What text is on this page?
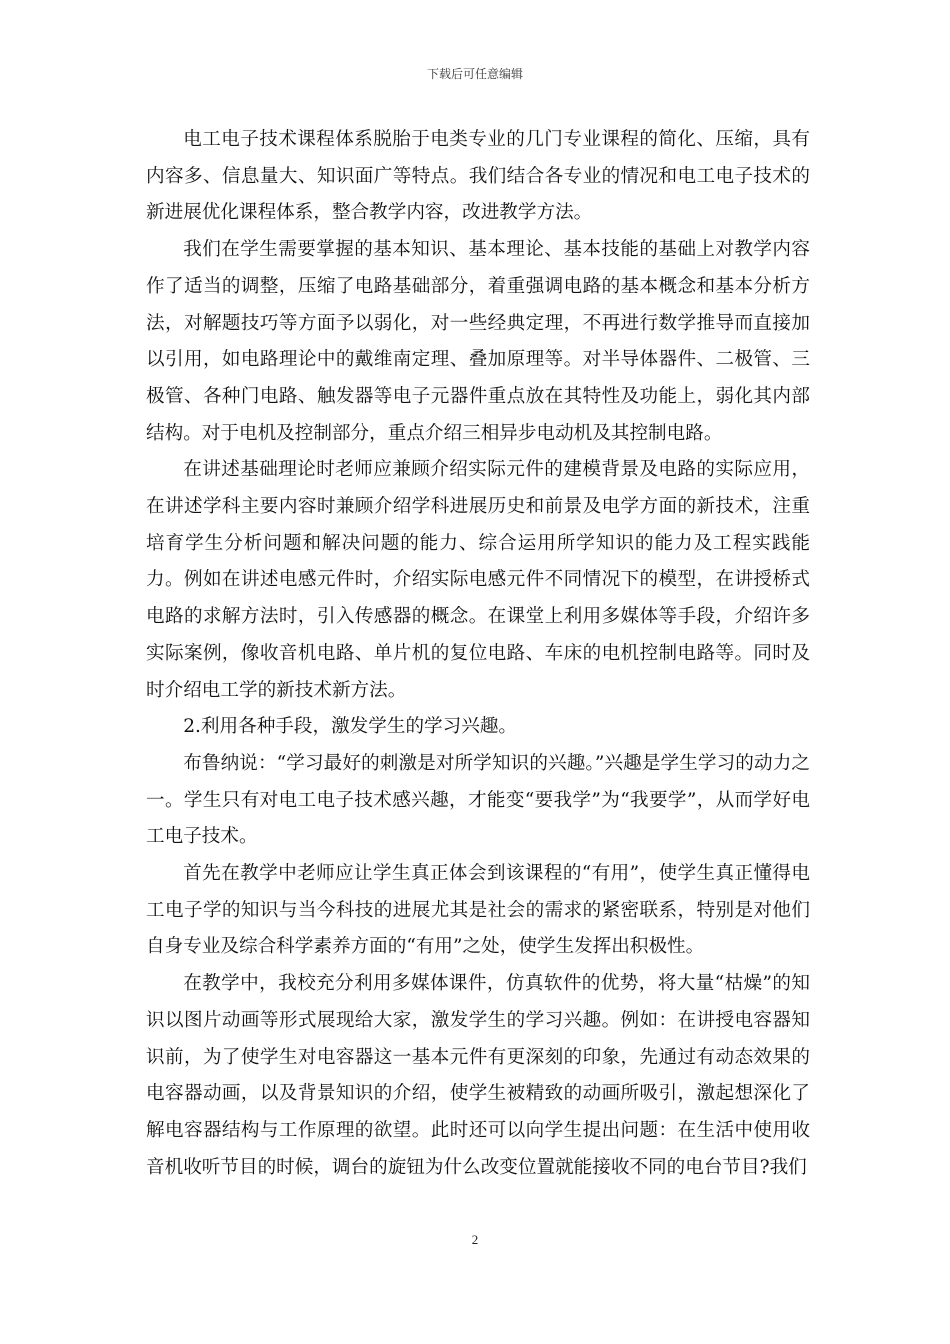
下载后可任意编辑

电工电子技术课程体系脱胎于电类专业的几门专业课程的简化、压缩，具有内容多、信息量大、知识面广等特点。我们结合各专业的情况和电工电子技术的新进展优化课程体系，整合教学内容，改进教学方法。

我们在学生需要掌握的基本知识、基本理论、基本技能的基础上对教学内容作了适当的调整，压缩了电路基础部分，着重强调电路的基本概念和基本分析方法，对解题技巧等方面予以弱化，对一些经典定理，不再进行数学推导而直接加以引用，如电路理论中的戴维南定理、叠加原理等。对半导体器件、二极管、三极管、各种门电路、触发器等电子元器件重点放在其特性及功能上，弱化其内部结构。对于电机及控制部分，重点介绍三相异步电动机及其控制电路。

在讲述基础理论时老师应兼顾介绍实际元件的建模背景及电路的实际应用，在讲述学科主要内容时兼顾介绍学科进展历史和前景及电学方面的新技术，注重培育学生分析问题和解决问题的能力、综合运用所学知识的能力及工程实践能力。例如在讲述电感元件时，介绍实际电感元件不同情况下的模型，在讲授桥式电路的求解方法时，引入传感器的概念。在课堂上利用多媒体等手段，介绍许多实际案例，像收音机电路、单片机的复位电路、车床的电机控制电路等。同时及时介绍电工学的新技术新方法。

2.利用各种手段，激发学生的学习兴趣。

布鲁纳说：“学习最好的刺激是对所学知识的兴趣。”兴趣是学生学习的动力之一。学生只有对电工电子技术感兴趣，才能变“要我学”为“我要学”，从而学好电工电子技术。

首先在教学中老师应让学生真正体会到该课程的“有用”，使学生真正懂得电工电子学的知识与当今科技的进展尤其是社会的需求的紧密联系，特别是对他们自身专业及综合科学素养方面的“有用”之处，使学生发挥出积极性。

在教学中，我校充分利用多媒体课件，仿真软件的优势，将大量“枯燥”的知识以图片动画等形式展现给大家，激发学生的学习兴趣。例如：在讲授电容器知识前，为了使学生对电容器这一基本元件有更深刻的印象，先通过有动态效果的电容器动画，以及背景知识的介绍，使学生被精致的动画所吸引，激起想深化了解电容器结构与工作原理的欲望。此时还可以向学生提出问题：在生活中使用收音机收听节目的时候，调台的旋钮为什么改变位置就能接收不同的电台节目?我们

2
